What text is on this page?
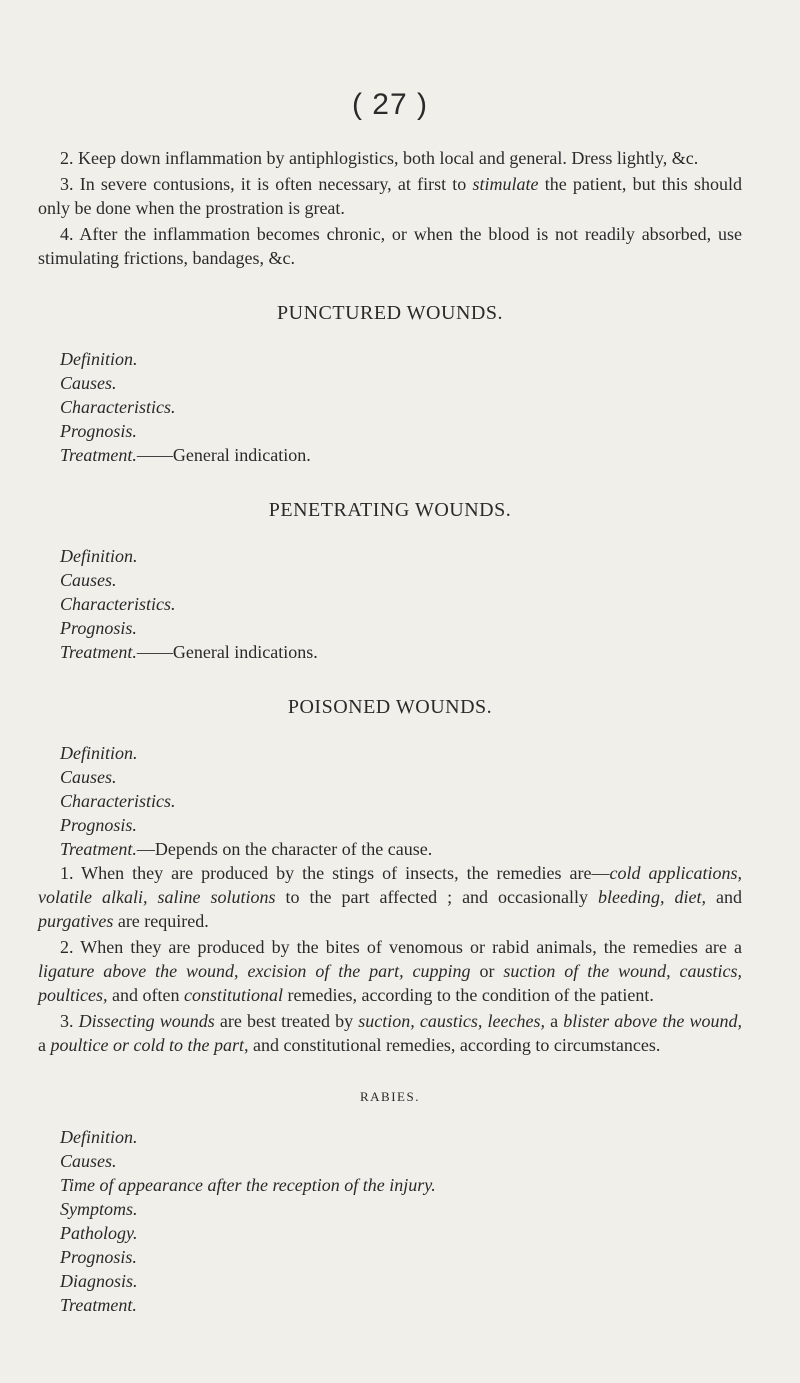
( 27 )

2. Keep down inflammation by antiphlogistics, both local and general. Dress lightly, &c.

3. In severe contusions, it is often necessary, at first to stimulate the patient, but this should only be done when the prostration is great.

4. After the inflammation becomes chronic, or when the blood is not readily absorbed, use stimulating frictions, bandages, &c.

PUNCTURED WOUNDS.
Definition.
Causes.
Characteristics.
Prognosis.
Treatment.——General indication.
PENETRATING WOUNDS.
Definition.
Causes.
Characteristics.
Prognosis.
Treatment.——General indications.
POISONED WOUNDS.
Definition.
Causes.
Characteristics.
Prognosis.
Treatment.—Depends on the character of the cause.

1. When they are produced by the stings of insects, the remedies are—cold applications, volatile alkali, saline solutions to the part affected ; and occasionally bleeding, diet, and purgatives are required.

2. When they are produced by the bites of venomous or rabid animals, the remedies are a ligature above the wound, excision of the part, cupping or suction of the wound, caustics, poultices, and often constitutional remedies, according to the condition of the patient.

3. Dissecting wounds are best treated by suction, caustics, leeches, a blister above the wound, a poultice or cold to the part, and constitutional remedies, according to circumstances.

RABIES.
Definition.
Causes.
Time of appearance after the reception of the injury.
Symptoms.
Pathology.
Prognosis.
Diagnosis.
Treatment.
